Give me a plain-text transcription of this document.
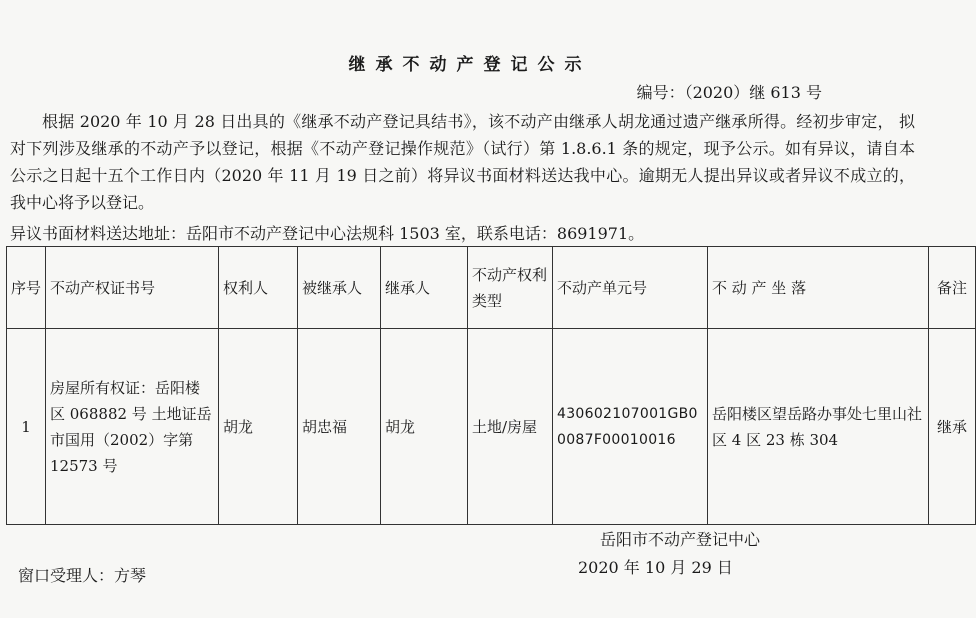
继承不动产登记公示
编号：（2020）继 613 号

根据 2020 年 10 月 28 日出具的《继承不动产登记具结书》，该不动产由继承人胡龙通过遗产继承所得。经初步审定， 拟对下列涉及继承的不动产予以登记，根据《不动产登记操作规范》（试行）第 1.8.6.1 条的规定，现予公示。如有异议，请自本公示之日起十五个工作日内（2020 年 11 月 19 日之前）将异议书面材料送达我中心。逾期无人提出异议或者异议不成立的，我中心将予以登记。

异议书面材料送达地址：岳阳市不动产登记中心法规科 1503 室，联系电话：8691971。
序号	不动产权证书号	权利人	被继承人	继承人	不动产权利类型	不动产单元号	不 动 产 坐 落	备注
1	房屋所有权证：岳阳楼区 068882 号 土地证岳市国用（2002）字第 12573 号	胡龙	胡忠福	胡龙	土地/房屋	430602107001GB00087F00010016	岳阳楼区望岳路办事处七里山社区 4 区 23 栋 304	继承
岳阳市不动产登记中心
2020 年 10 月 29 日
窗口受理人：方琴
